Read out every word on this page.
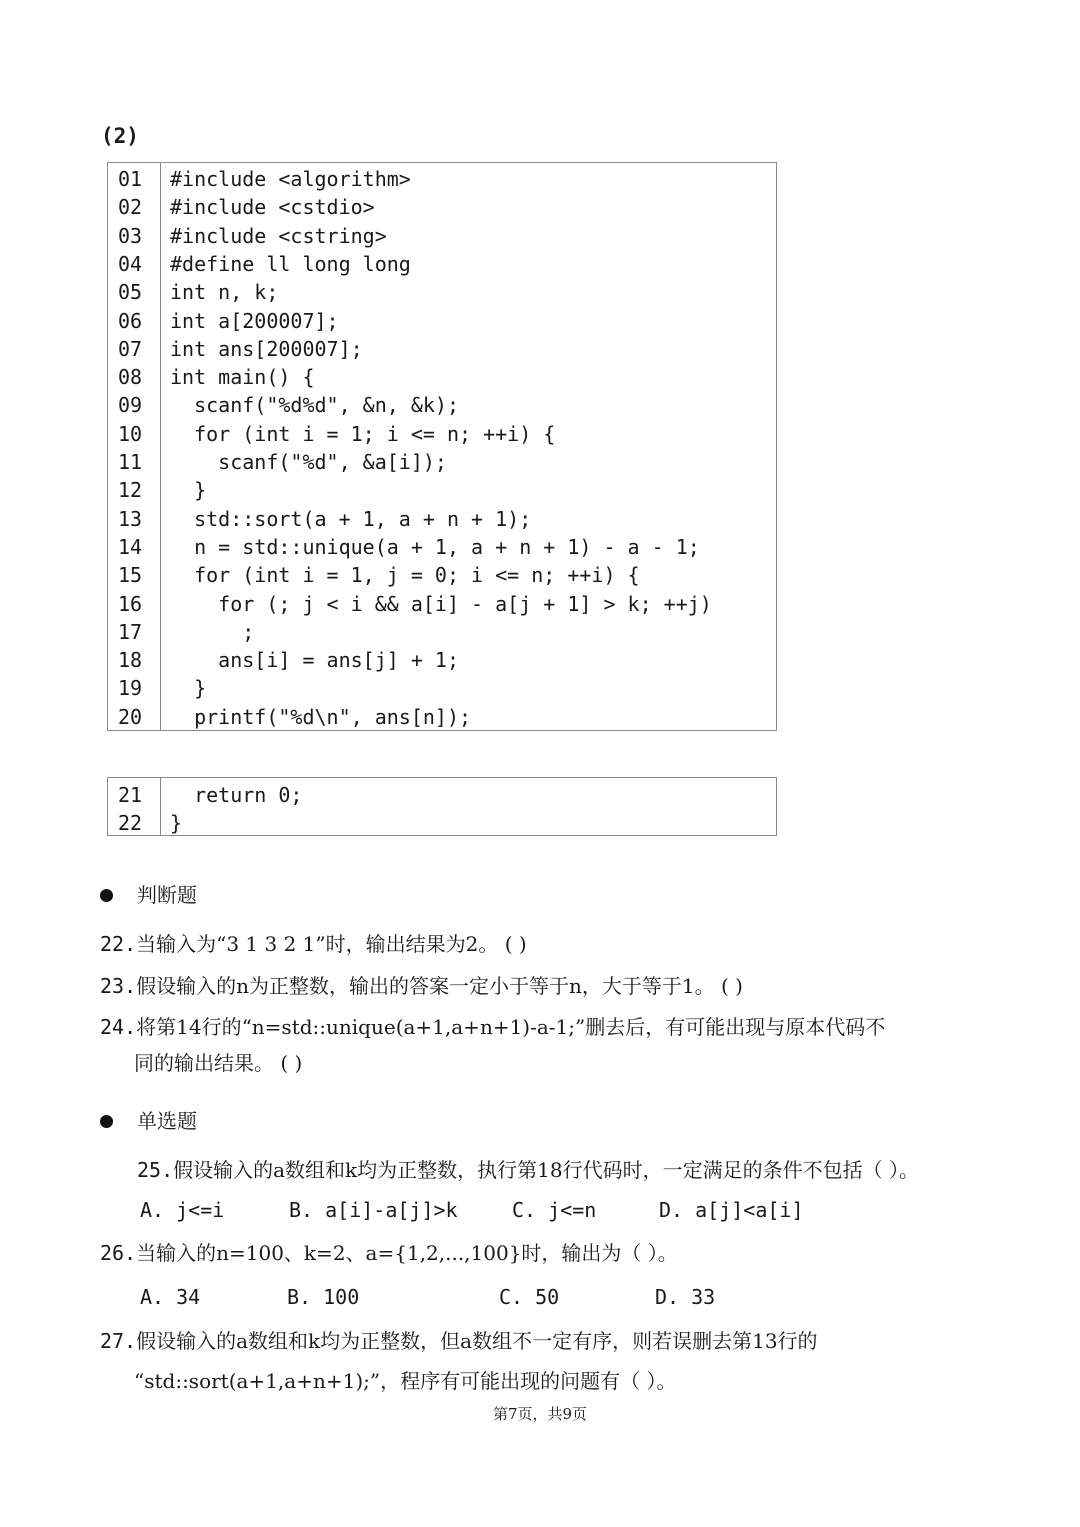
(2)
01	#include <algorithm>
02	#include <cstdio>
03	#include <cstring>
04	#define ll long long
05	int n, k;
06	int a[200007];
07	int ans[200007];
08	int main() {
09	scanf("%d%d", &n, &k);
10	for (int i = 1; i <= n; ++i) {
11	scanf("%d", &a[i]);
12	}
13	std::sort(a + 1, a + n + 1);
14	n = std::unique(a + 1, a + n + 1) - a - 1;
15	for (int i = 1, j = 0; i <= n; ++i) {
16	for (; j < i && a[i] - a[j + 1] > k; ++j)
17	;
18	ans[i] = ans[j] + 1;
19	}
20	printf("%d\n", ans[n]);
21	return 0;
22	}
判断题
22.当输入为“3 1 3 2 1”时，输出结果为2。 ( )
23.假设输入的n为正整数，输出的答案一定小于等于n，大于等于1。 ( )
24.将第14行的“n=std::unique(a+1,a+n+1)-a-1;”删去后，有可能出现与原本代码不
同的输出结果。 ( )
单选题
25.假设输入的a数组和k均为正整数，执行第18行代码时，一定满足的条件不包括（ ）。
A. j<=i	B. a[i]-a[j]>k	C. j<=n	D. a[j]<a[i]
26.当输入的n=100、k=2、a={1,2,...,100}时，输出为（ ）。
A. 34	B. 100	C. 50	D. 33
27.假设输入的a数组和k均为正整数，但a数组不一定有序，则若误删去第13行的
“std::sort(a+1,a+n+1);”，程序有可能出现的问题有（ ）。
第7页，共9页
